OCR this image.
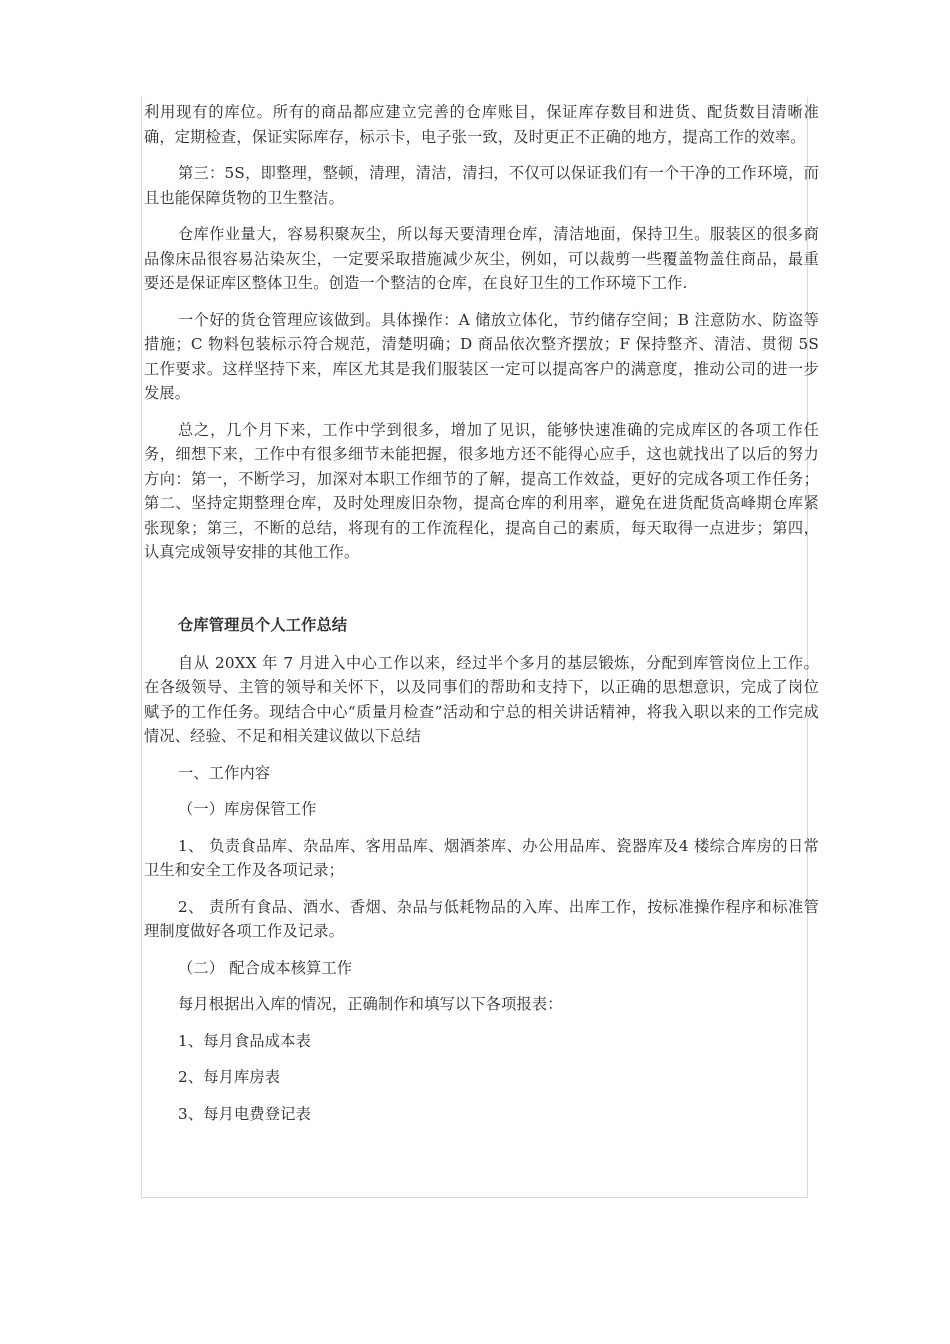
利用现有的库位。所有的商品都应建立完善的仓库账目，保证库存数目和进货、配货数目清晰准确，定期检查，保证实际库存，标示卡，电子张一致，及时更正不正确的地方，提高工作的效率。

第三：5S，即整理，整顿，清理，清洁，清扫，不仅可以保证我们有一个干净的工作环境，而且也能保障货物的卫生整洁。

仓库作业量大，容易积聚灰尘，所以每天要清理仓库，清洁地面，保持卫生。服装区的很多商品像床品很容易沾染灰尘，一定要采取措施减少灰尘，例如，可以裁剪一些覆盖物盖住商品，最重要还是保证库区整体卫生。创造一个整洁的仓库，在良好卫生的工作环境下工作.

一个好的货仓管理应该做到。具体操作：A 储放立体化，节约储存空间；B 注意防水、防盗等措施；C 物料包装标示符合规范，清楚明确；D 商品依次整齐摆放；F 保持整齐、清洁、贯彻 5S 工作要求。这样坚持下来，库区尤其是我们服装区一定可以提高客户的满意度，推动公司的进一步发展。

总之，几个月下来，工作中学到很多，增加了见识，能够快速准确的完成库区的各项工作任务，细想下来，工作中有很多细节未能把握，很多地方还不能得心应手，这也就找出了以后的努力方向：第一，不断学习，加深对本职工作细节的了解，提高工作效益，更好的完成各项工作任务； 第二、坚持定期整理仓库，及时处理废旧杂物，提高仓库的利用率，避免在进货配货高峰期仓库紧张现象；第三，不断的总结，将现有的工作流程化，提高自己的素质，每天取得一点进步；第四，认真完成领导安排的其他工作。

仓库管理员个人工作总结

自从 20XX 年 7 月进入中心工作以来，经过半个多月的基层锻炼，分配到库管岗位上工作。在各级领导、主管的领导和关怀下，以及同事们的帮助和支持下，以正确的思想意识，完成了岗位赋予的工作任务。现结合中心“质量月检查”活动和宁总的相关讲话精神，将我入职以来的工作完成情况、经验、不足和相关建议做以下总结

一、工作内容

（一）库房保管工作

1、 负责食品库、杂品库、客用品库、烟酒茶库、办公用品库、瓷器库及4 楼综合库房的日常卫生和安全工作及各项记录；

2、 责所有食品、酒水、香烟、杂品与低耗物品的入库、出库工作，按标准操作程序和标准管理制度做好各项工作及记录。

（二） 配合成本核算工作

每月根据出入库的情况，正确制作和填写以下各项报表：

1、每月食品成本表

2、每月库房表

3、每月电费登记表
